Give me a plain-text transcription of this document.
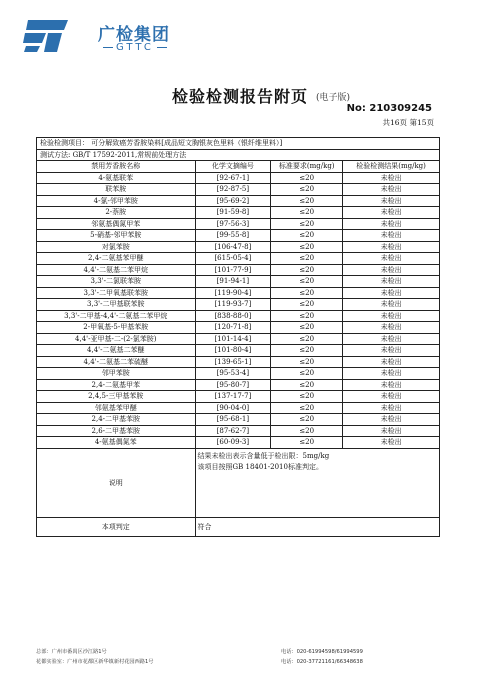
广检集团
GTTC
检验检测报告附页 (电子版)
No: 210309245
共16页 第15页
检验检测项目： 可分解致癌芳香胺染料[成品短文胸银灰色里料（银纤维里料）]			
测试方法: GB/T 17592-2011,常规前处理方法			
禁用芳香胺名称	化学文摘编号	标准要求(mg/kg)	检验检测结果(mg/kg)
4-氨基联苯	[92-67-1]	≤20	未检出
联苯胺	[92-87-5]	≤20	未检出
4-氯-邻甲苯胺	[95-69-2]	≤20	未检出
2-萘胺	[91-59-8]	≤20	未检出
邻氨基偶氮甲苯	[97-56-3]	≤20	未检出
5-硝基-邻甲苯胺	[99-55-8]	≤20	未检出
对氯苯胺	[106-47-8]	≤20	未检出
2,4-二氨基苯甲醚	[615-05-4]	≤20	未检出
4,4'-二氨基二苯甲烷	[101-77-9]	≤20	未检出
3,3'-二氯联苯胺	[91-94-1]	≤20	未检出
3,3'-二甲氧基联苯胺	[119-90-4]	≤20	未检出
3,3'-二甲基联苯胺	[119-93-7]	≤20	未检出
3,3'-二甲基-4,4'-二氨基二苯甲烷	[838-88-0]	≤20	未检出
2-甲氧基-5-甲基苯胺	[120-71-8]	≤20	未检出
4,4'-亚甲基-二-(2-氯苯胺)	[101-14-4]	≤20	未检出
4,4'-二氨基二苯醚	[101-80-4]	≤20	未检出
4,4'-二氨基二苯硫醚	[139-65-1]	≤20	未检出
邻甲苯胺	[95-53-4]	≤20	未检出
2,4-二氨基甲苯	[95-80-7]	≤20	未检出
2,4,5-三甲基苯胺	[137-17-7]	≤20	未检出
邻氨基苯甲醚	[90-04-0]	≤20	未检出
2,4-二甲基苯胺	[95-68-1]	≤20	未检出
2,6-二甲基苯胺	[87-62-7]	≤20	未检出
4-氨基偶氮苯	[60-09-3]	≤20	未检出
说明	结果未检出表示含量低于检出限：5mg/kg
该项目按照GB 18401-2010标准判定。		

本项判定	符合		
总部：广州市番禺区沙江路1号	电话：020-61994598/61994599
花都实验室：广州市花都区新华镇新村花园西路1号	电话：020-37721161/66348638
